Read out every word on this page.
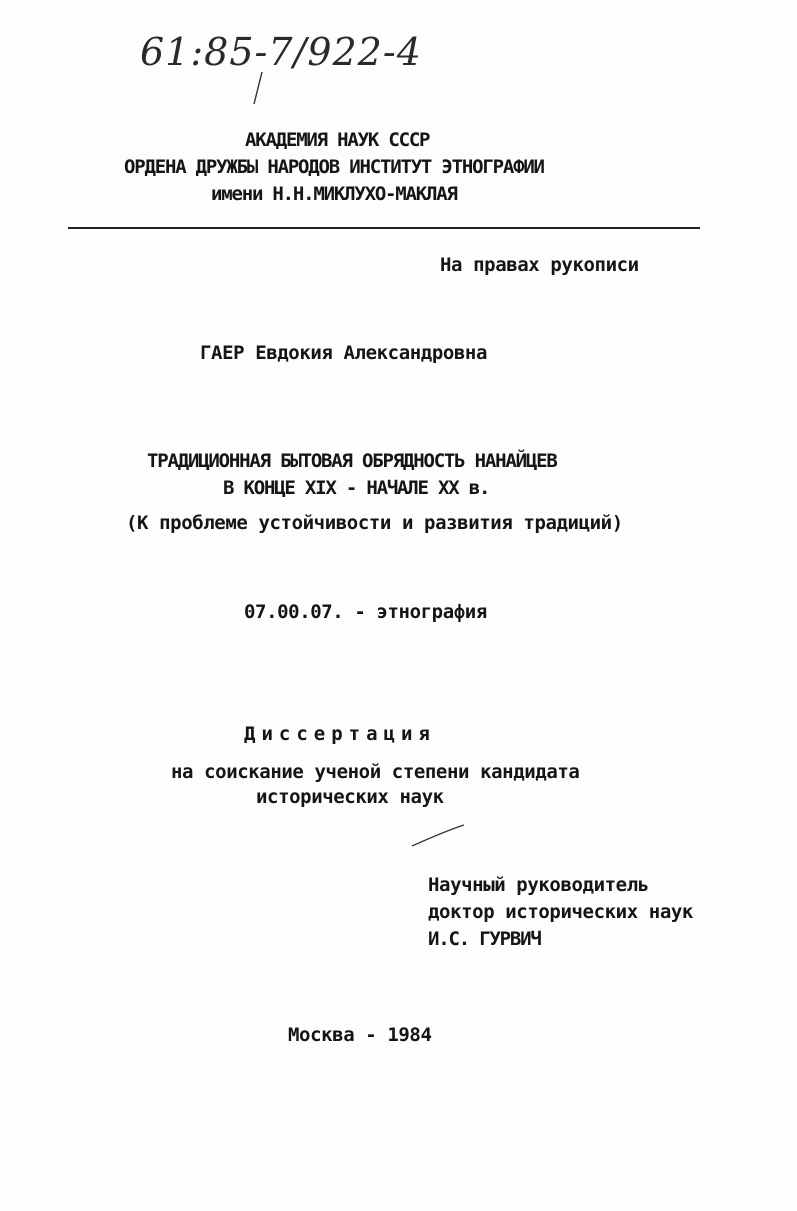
61:85-7/922-4
АКАДЕМИЯ НАУК СССР
ОРДЕНА ДРУЖБЫ НАРОДОВ ИНСТИТУТ ЭТНОГРАФИИ
имени Н.Н.МИКЛУХО-МАКЛАЯ
На правах рукописи
ГАЕР Евдокия Александровна
ТРАДИЦИОННАЯ БЫТОВАЯ ОБРЯДНОСТЬ НАНАЙЦЕВ
В КОНЦЕ XIX - НАЧАЛЕ XX в.
(К проблеме устойчивости и развития традиций)
07.00.07. - этнография
Диссертация
на соискание ученой степени кандидата
исторических наук
Научный руководитель
доктор исторических наук
И.С. ГУРВИЧ
Москва - 1984
